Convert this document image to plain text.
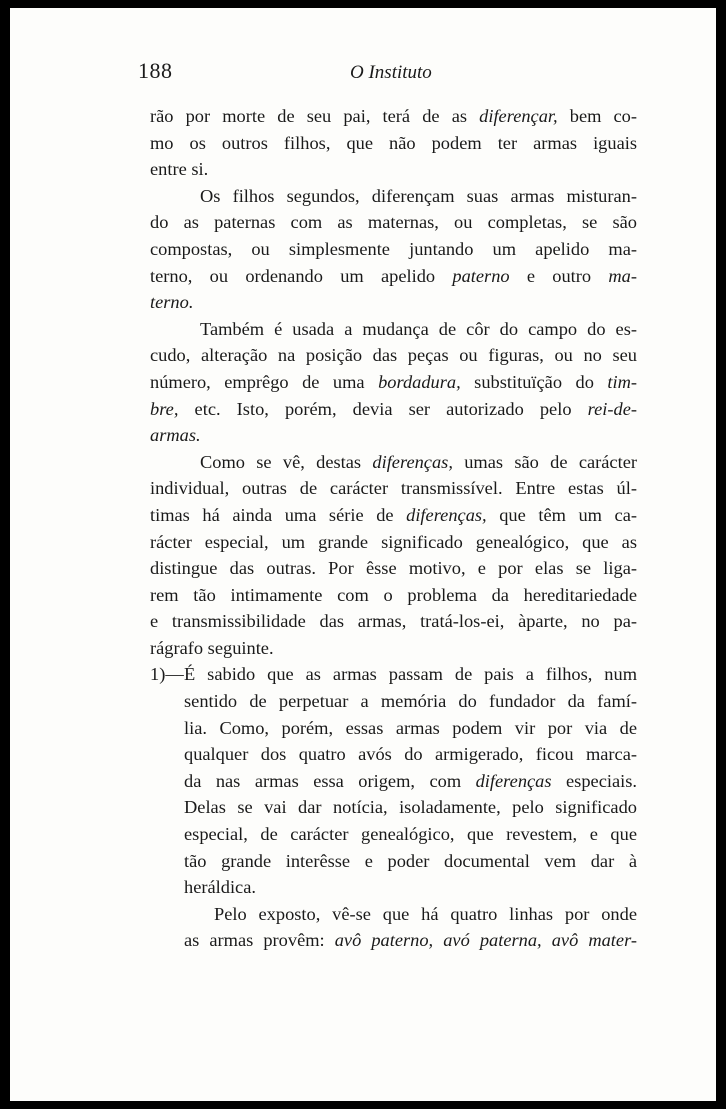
188	O Instituto

rão por morte de seu pai, terá de as diferençar, bem co-
mo os outros filhos, que não podem ter armas iguais
entre si.

Os filhos segundos, diferençam suas armas misturan-
do as paternas com as maternas, ou completas, se são
compostas, ou simplesmente juntando um apelido ma-
terno, ou ordenando um apelido paterno e outro ma-
terno.

Também é usada a mudança de côr do campo do es-
cudo, alteração na posição das peças ou figuras, ou no seu
número, emprêgo de uma bordadura, substituïção do tim-
bre, etc. Isto, porém, devia ser autorizado pelo rei-de-
armas.

Como se vê, destas diferenças, umas são de carácter
individual, outras de carácter transmissível. Entre estas úl-
timas há ainda uma série de diferenças, que têm um ca-
rácter especial, um grande significado genealógico, que as
distingue das outras. Por êsse motivo, e por elas se liga-
rem tão intimamente com o problema da hereditariedade
e transmissibilidade das armas, tratá-los-ei, àparte, no pa-
rágrafo seguinte.

1)— É sabido que as armas passam de pais a filhos, num
sentido de perpetuar a memória do fundador da famí-
lia. Como, porém, essas armas podem vir por via de
qualquer dos quatro avós do armigerado, ficou marca-
da nas armas essa origem, com diferenças especiais.
Delas se vai dar notícia, isoladamente, pelo significado
especial, de carácter genealógico, que revestem, e que
tão grande interêsse e poder documental vem dar à
heráldica.

Pelo exposto, vê-se que há quatro linhas por onde
as armas provêm: avô paterno, avó paterna, avô mater-
